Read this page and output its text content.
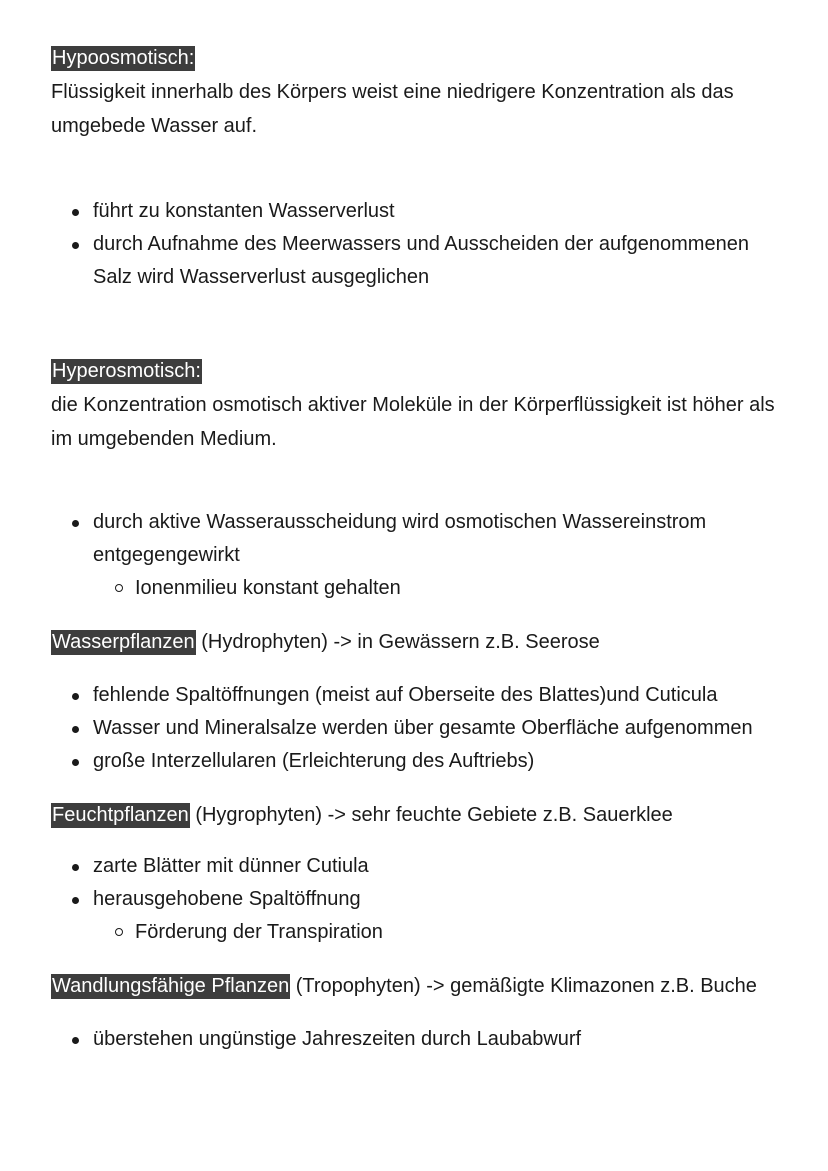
Hypoosmotisch:

Flüssigkeit innerhalb des Körpers weist eine niedrigere Konzentration als das umgebede Wasser auf.

führt zu konstanten Wasserverlust
durch Aufnahme des Meerwassers und Ausscheiden der aufgenommenen Salz wird Wasserverlust ausgeglichen
Hyperosmotisch:

die Konzentration osmotisch aktiver Moleküle in der Körperflüssigkeit ist höher als im umgebenden Medium.

durch aktive Wasserausscheidung wird osmotischen Wassereinstrom entgegengewirkt
Ionenmilieu konstant gehalten

Wasserpflanzen (Hydrophyten) -> in Gewässern z.B. Seerose

fehlende Spaltöffnungen (meist auf Oberseite des Blattes)und Cuticula
Wasser und Mineralsalze werden über gesamte Oberfläche aufgenommen
große Interzellularen (Erleichterung des Auftriebs)

Feuchtpflanzen (Hygrophyten) -> sehr feuchte Gebiete z.B. Sauerklee

zarte Blätter mit dünner Cutiula
herausgehobene Spaltöffnung
Förderung der Transpiration

Wandlungsfähige Pflanzen (Tropophyten) -> gemäßigte Klimazonen z.B. Buche

überstehen ungünstige Jahreszeiten durch Laubabwurf
